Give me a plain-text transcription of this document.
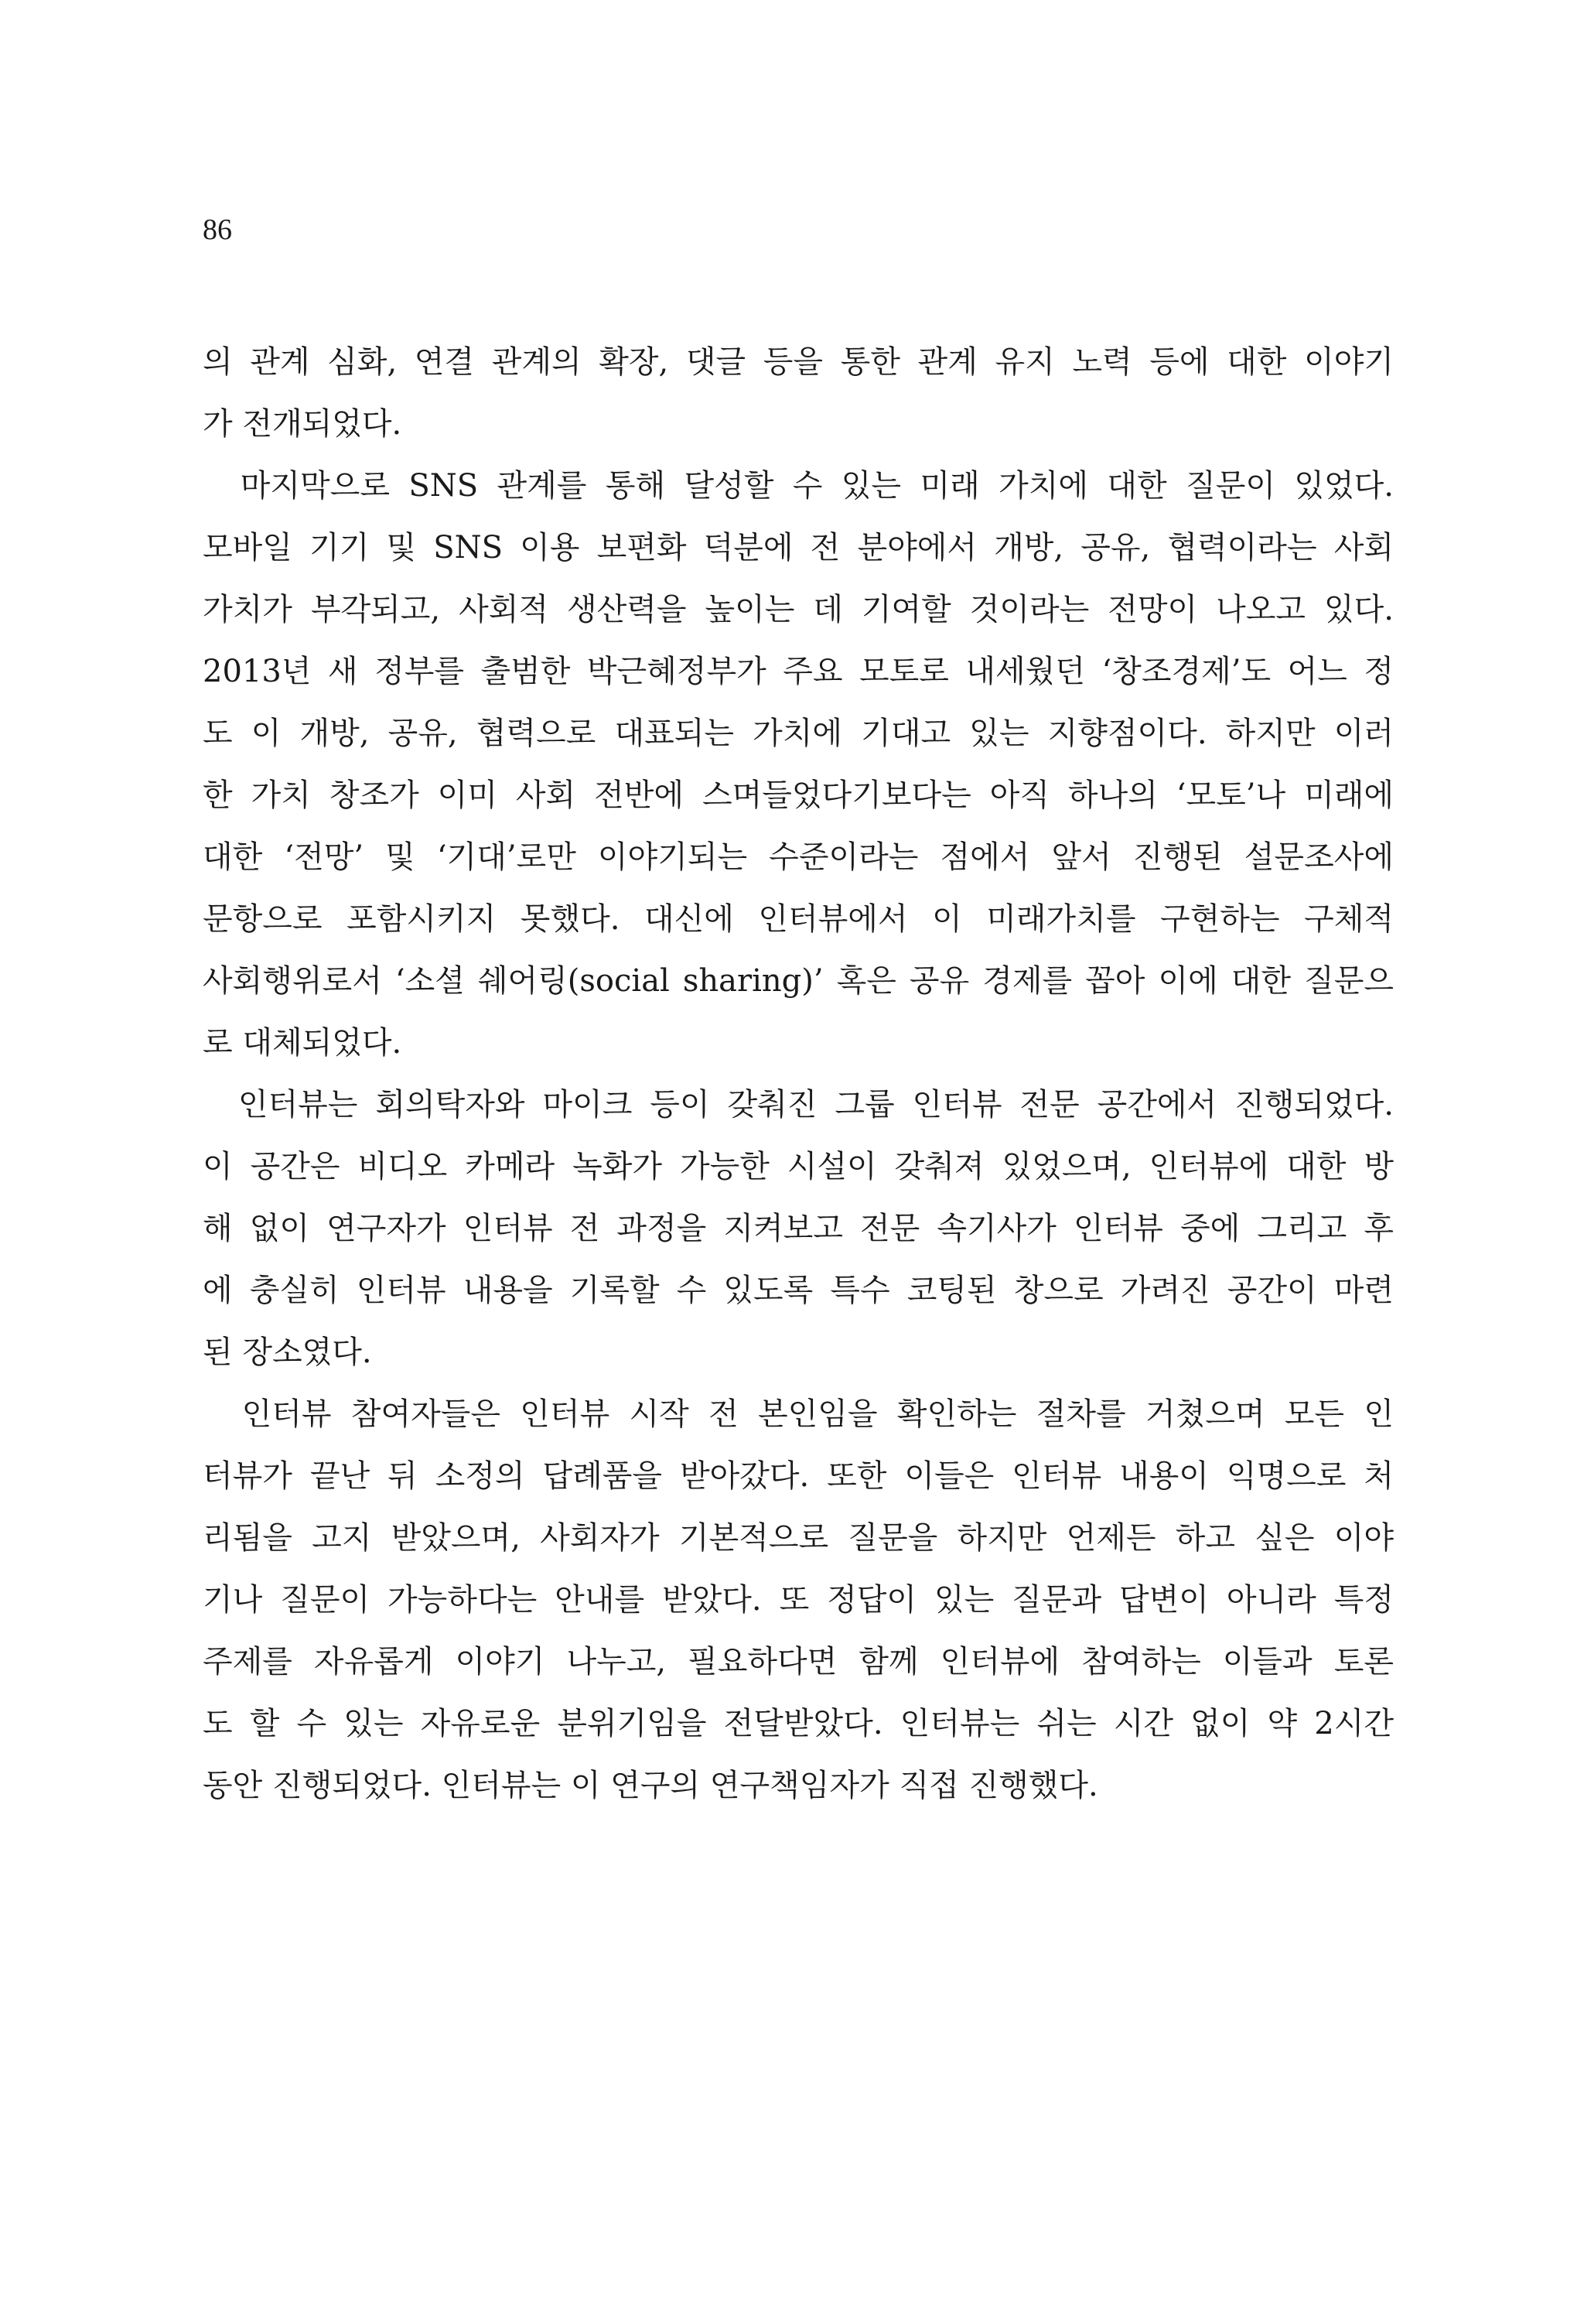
86

의 관계 심화, 연결 관계의 확장, 댓글 등을 통한 관계 유지 노력 등에 대한 이야기
가 전개되었다.
마지막으로 SNS 관계를 통해 달성할 수 있는 미래 가치에 대한 질문이 있었다.
모바일 기기 및 SNS 이용 보편화 덕분에 전 분야에서 개방, 공유, 협력이라는 사회
가치가 부각되고, 사회적 생산력을 높이는 데 기여할 것이라는 전망이 나오고 있다.
2013년 새 정부를 출범한 박근혜정부가 주요 모토로 내세웠던 ‘창조경제’도 어느 정
도 이 개방, 공유, 협력으로 대표되는 가치에 기대고 있는 지향점이다. 하지만 이러
한 가치 창조가 이미 사회 전반에 스며들었다기보다는 아직 하나의 ‘모토’나 미래에
대한 ‘전망’ 및 ‘기대’로만 이야기되는 수준이라는 점에서 앞서 진행된 설문조사에
문항으로 포함시키지 못했다. 대신에 인터뷰에서 이 미래가치를 구현하는 구체적
사회행위로서 ‘소셜 쉐어링(social sharing)’ 혹은 공유 경제를 꼽아 이에 대한 질문으
로 대체되었다.
인터뷰는 회의탁자와 마이크 등이 갖춰진 그룹 인터뷰 전문 공간에서 진행되었다.
이 공간은 비디오 카메라 녹화가 가능한 시설이 갖춰져 있었으며, 인터뷰에 대한 방
해 없이 연구자가 인터뷰 전 과정을 지켜보고 전문 속기사가 인터뷰 중에 그리고 후
에 충실히 인터뷰 내용을 기록할 수 있도록 특수 코팅된 창으로 가려진 공간이 마련
된 장소였다.
인터뷰 참여자들은 인터뷰 시작 전 본인임을 확인하는 절차를 거쳤으며 모든 인
터뷰가 끝난 뒤 소정의 답례품을 받아갔다. 또한 이들은 인터뷰 내용이 익명으로 처
리됨을 고지 받았으며, 사회자가 기본적으로 질문을 하지만 언제든 하고 싶은 이야
기나 질문이 가능하다는 안내를 받았다. 또 정답이 있는 질문과 답변이 아니라 특정
주제를 자유롭게 이야기 나누고, 필요하다면 함께 인터뷰에 참여하는 이들과 토론
도 할 수 있는 자유로운 분위기임을 전달받았다. 인터뷰는 쉬는 시간 없이 약 2시간
동안 진행되었다. 인터뷰는 이 연구의 연구책임자가 직접 진행했다.
